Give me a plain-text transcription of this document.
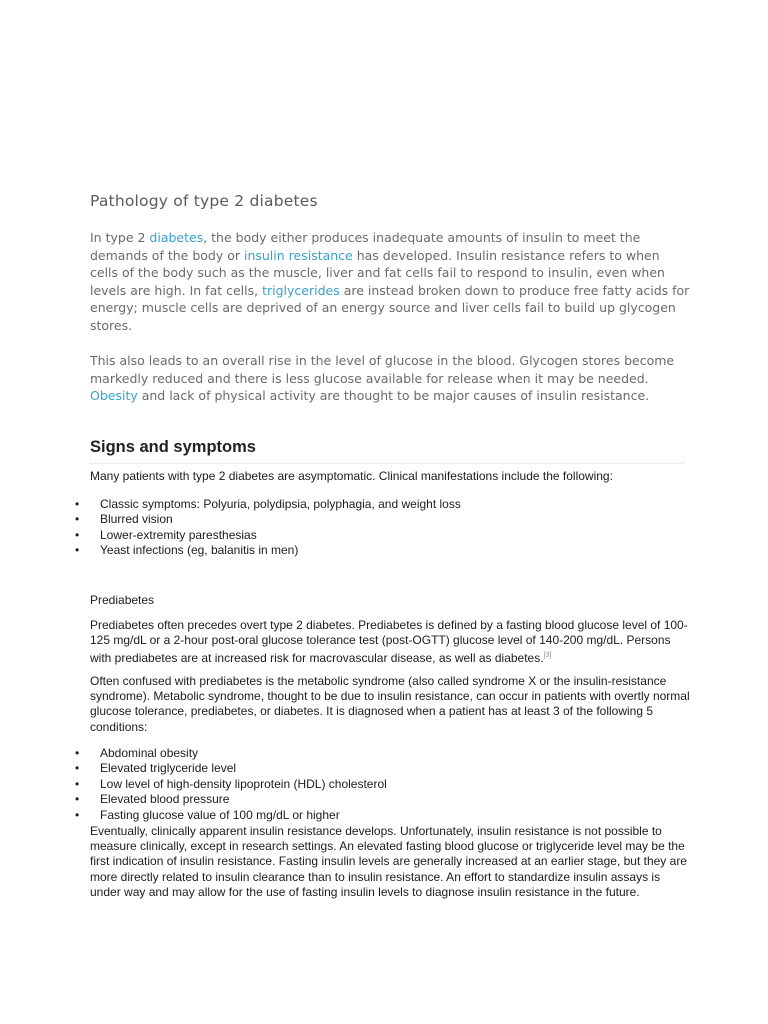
Pathology of type 2 diabetes

In type 2 diabetes, the body either produces inadequate amounts of insulin to meet the demands of the body or insulin resistance has developed. Insulin resistance refers to when cells of the body such as the muscle, liver and fat cells fail to respond to insulin, even when levels are high. In fat cells, triglycerides are instead broken down to produce free fatty acids for energy; muscle cells are deprived of an energy source and liver cells fail to build up glycogen stores.

This also leads to an overall rise in the level of glucose in the blood. Glycogen stores become markedly reduced and there is less glucose available for release when it may be needed. Obesity and lack of physical activity are thought to be major causes of insulin resistance.

Signs and symptoms

Many patients with type 2 diabetes are asymptomatic. Clinical manifestations include the following:

• Classic symptoms: Polyuria, polydipsia, polyphagia, and weight loss
• Blurred vision
• Lower-extremity paresthesias
• Yeast infections (eg, balanitis in men)

Prediabetes

Prediabetes often precedes overt type 2 diabetes. Prediabetes is defined by a fasting blood glucose level of 100-125 mg/dL or a 2-hour post-oral glucose tolerance test (post-OGTT) glucose level of 140-200 mg/dL. Persons with prediabetes are at increased risk for macrovascular disease, as well as diabetes.[3]

Often confused with prediabetes is the metabolic syndrome (also called syndrome X or the insulin-resistance syndrome). Metabolic syndrome, thought to be due to insulin resistance, can occur in patients with overtly normal glucose tolerance, prediabetes, or diabetes. It is diagnosed when a patient has at least 3 of the following 5 conditions:

• Abdominal obesity
• Elevated triglyceride level
• Low level of high-density lipoprotein (HDL) cholesterol
• Elevated blood pressure
• Fasting glucose value of 100 mg/dL or higher

Eventually, clinically apparent insulin resistance develops. Unfortunately, insulin resistance is not possible to measure clinically, except in research settings. An elevated fasting blood glucose or triglyceride level may be the first indication of insulin resistance. Fasting insulin levels are generally increased at an earlier stage, but they are more directly related to insulin clearance than to insulin resistance. An effort to standardize insulin assays is under way and may allow for the use of fasting insulin levels to diagnose insulin resistance in the future.
